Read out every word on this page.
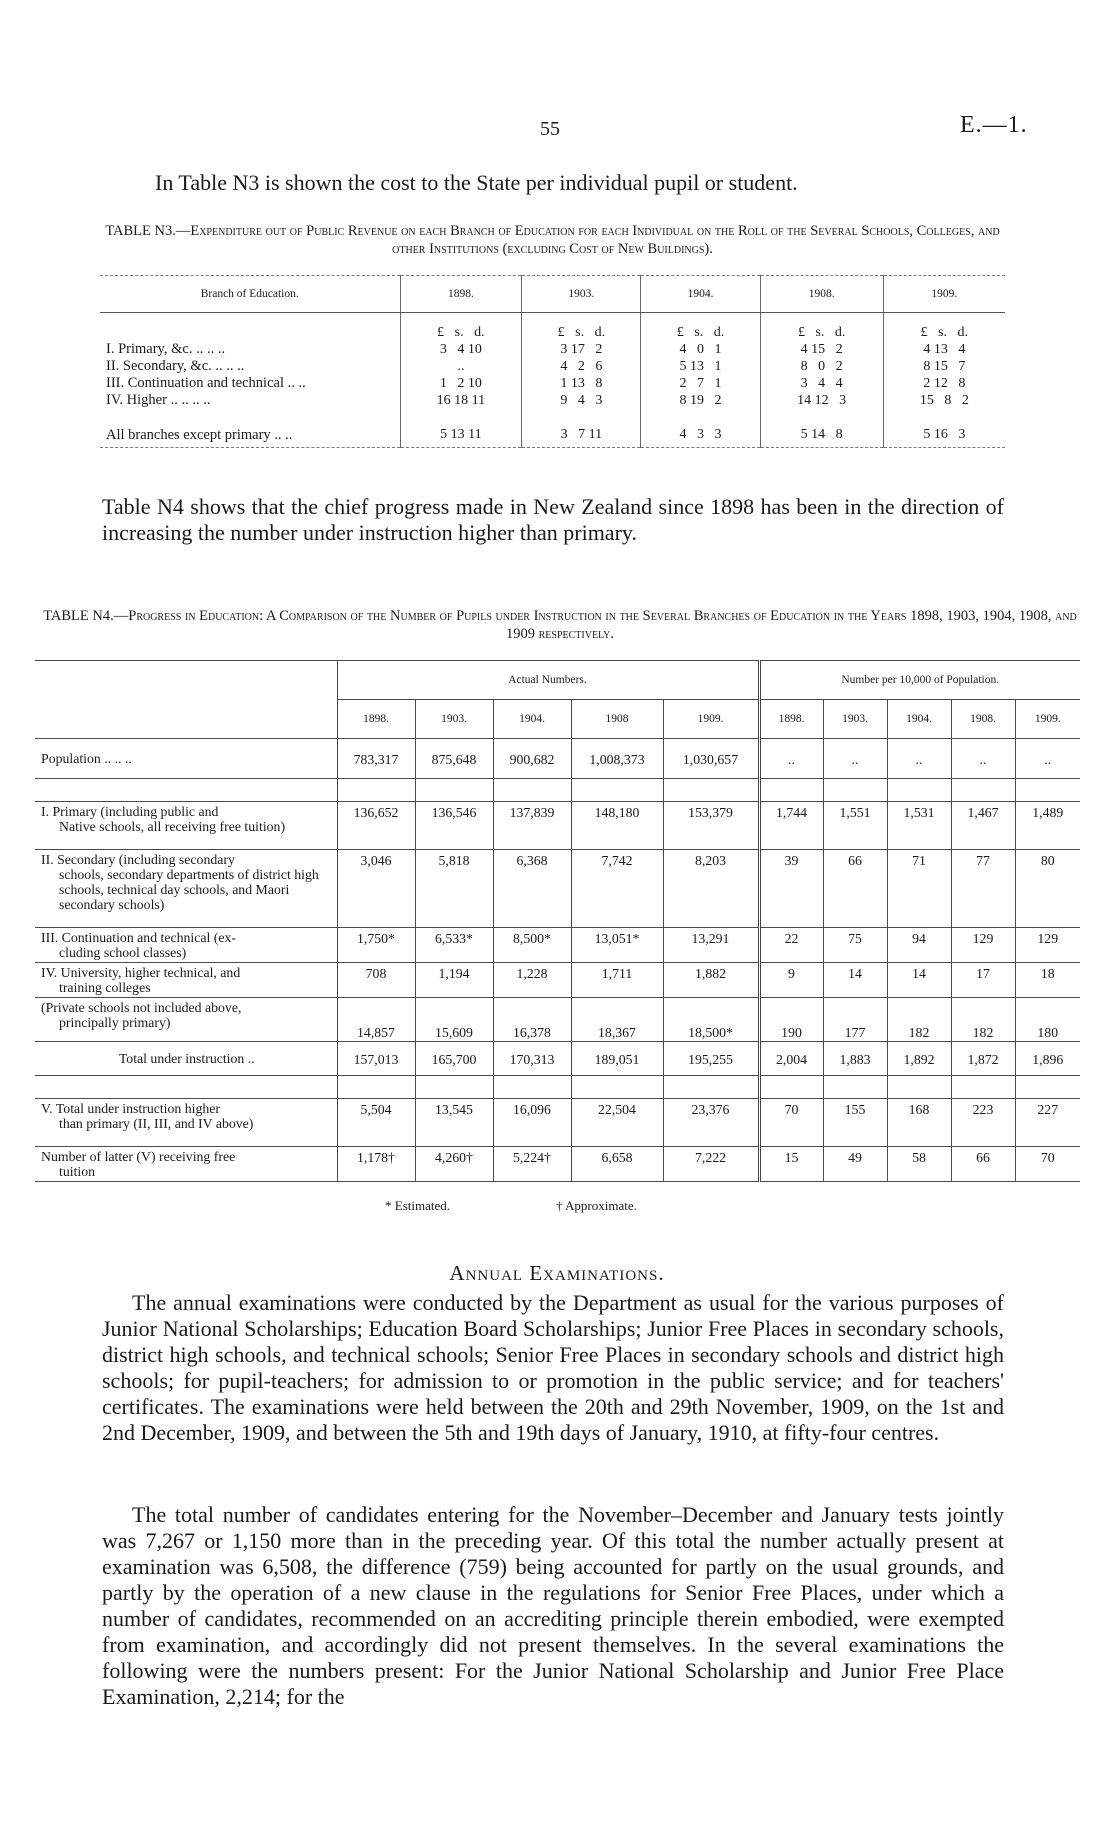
55	E.—1.
In Table N3 is shown the cost to the State per individual pupil or student.
TABLE N3.—Expenditure out of Public Revenue on each Branch of Education for each Individual on the Roll of the Several Schools, Colleges, and other Institutions (excluding Cost of New Buildings).
Branch of Education.	1898.	1903.	1904.	1908.	1909.
	£   s.   d.	£   s.   d.	£   s.   d.	£   s.   d.	£   s.   d.
I. Primary, &c. .. .. ..	3   4 10	3 17   2	4   0   1	4 15   2	4 13   4
II. Secondary, &c. .. .. ..	..	4   2   6	5 13   1	8   0   2	8 15   7
III. Continuation and technical .. ..	1   2 10	1 13   8	2   7   1	3   4   4	2 12   8
IV. Higher .. .. .. ..	16 18 11	9   4   3	8 19   2	14 12   3	15   8   2
All branches except primary .. ..	5 13 11	3   7 11	4   3   3	5 14   8	5 16   3
Table N4 shows that the chief progress made in New Zealand since 1898 has been in the direction of increasing the number under instruction higher than primary.
TABLE N4.—Progress in Education: A Comparison of the Number of Pupils under Instruction in the Several Branches of Education in the Years 1898, 1903, 1904, 1908, and 1909 respectively.
	Actual Numbers.					Number per 10,000 of Population.				
	1898.	1903.	1904.	1908	1909.	1898.	1903.	1904.	1908.	1909.
Population .. .. ..	783,317	875,648	900,682	1,008,373	1,030,657	..	..	..	..	..

I. Primary (including public and
Native schools, all receiving free tuition)	136,652	136,546	137,839	148,180	153,379	1,744	1,551	1,531	1,467	1,489
II. Secondary (including secondary
schools, secondary departments of district high schools, technical day schools, and Maori secondary schools)	3,046	5,818	6,368	7,742	8,203	39	66	71	77	80
III. Continuation and technical (ex-
cluding school classes)	1,750*	6,533*	8,500*	13,051*	13,291	22	75	94	129	129
IV. University, higher technical, and
training colleges	708	1,194	1,228	1,711	1,882	9	14	14	17	18
(Private schools not included above,
principally primary)	14,857	15,609	16,378	18,367	18,500*	190	177	182	182	180
Total under instruction ..	157,013	165,700	170,313	189,051	195,255	2,004	1,883	1,892	1,872	1,896

V. Total under instruction higher
than primary (II, III, and IV above)	5,504	13,545	16,096	22,504	23,376	70	155	168	223	227
Number of latter (V) receiving free
tuition	1,178†	4,260†	5,224†	6,658	7,222	15	49	58	66	70
* Estimated.	† Approximate.
Annual Examinations.
The annual examinations were conducted by the Department as usual for the various purposes of Junior National Scholarships; Education Board Scholarships; Junior Free Places in secondary schools, district high schools, and technical schools; Senior Free Places in secondary schools and district high schools; for pupil-teachers; for admission to or promotion in the public service; and for teachers' certificates. The examinations were held between the 20th and 29th November, 1909, on the 1st and 2nd December, 1909, and between the 5th and 19th days of January, 1910, at fifty-four centres.
The total number of candidates entering for the November–December and January tests jointly was 7,267 or 1,150 more than in the preceding year. Of this total the number actually present at examination was 6,508, the difference (759) being accounted for partly on the usual grounds, and partly by the operation of a new clause in the regulations for Senior Free Places, under which a number of candidates, recommended on an accrediting principle therein embodied, were exempted from examination, and accordingly did not present themselves. In the several examinations the following were the numbers present: For the Junior National Scholarship and Junior Free Place Examination, 2,214; for the
